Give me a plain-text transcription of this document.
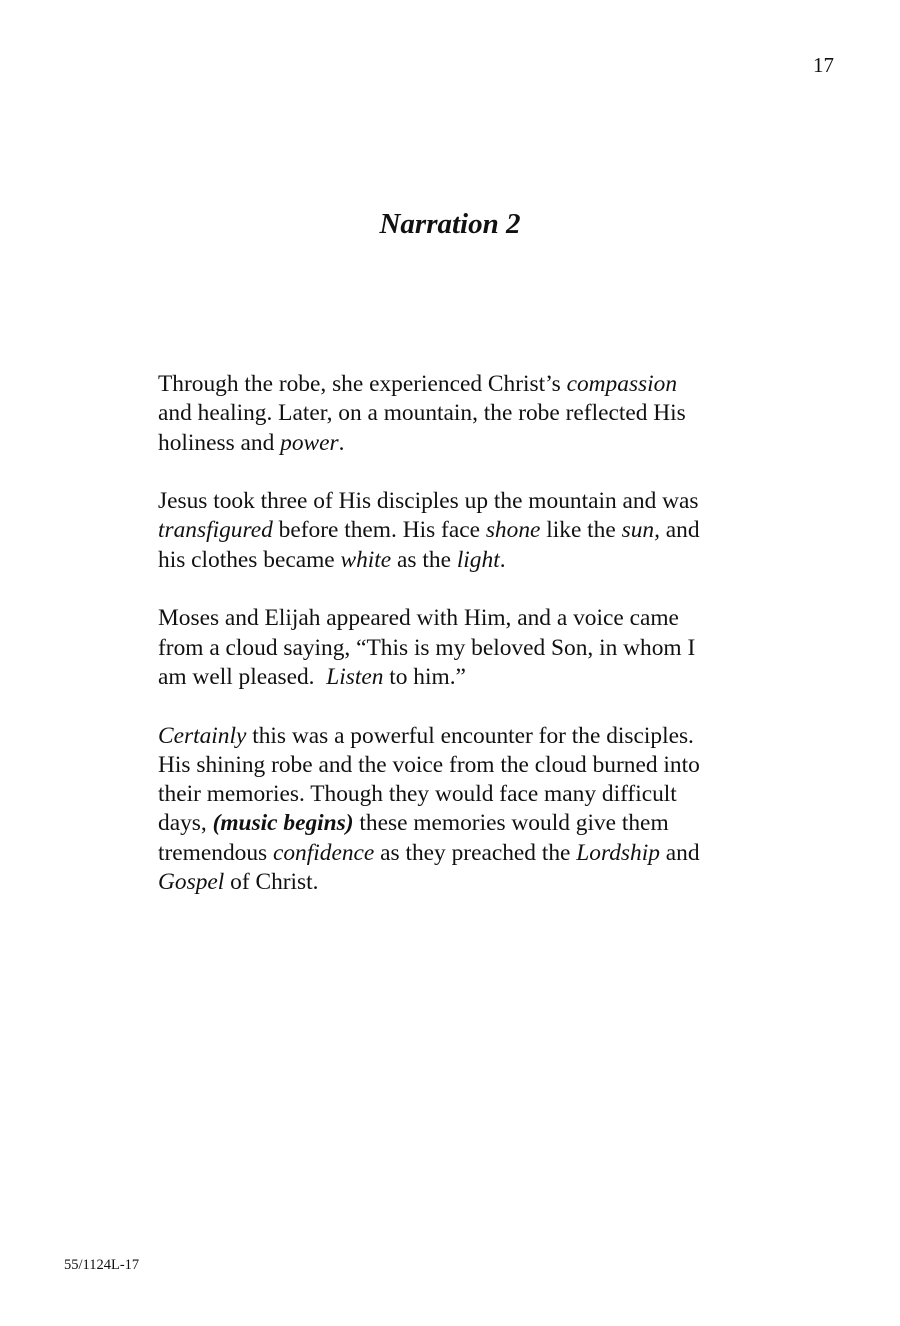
17
Narration 2

Through the robe, she experienced Christ’s compassion
and healing. Later, on a mountain, the robe reflected His
holiness and power.

Jesus took three of His disciples up the mountain and was
transfigured before them. His face shone like the sun, and
his clothes became white as the light.

Moses and Elijah appeared with Him, and a voice came
from a cloud saying, “This is my beloved Son, in whom I
am well pleased.  Listen to him.”

Certainly this was a powerful encounter for the disciples.
His shining robe and the voice from the cloud burned into
their memories. Though they would face many difficult
days, (music begins) these memories would give them
tremendous confidence as they preached the Lordship and
Gospel of Christ.

55/1124L-17
